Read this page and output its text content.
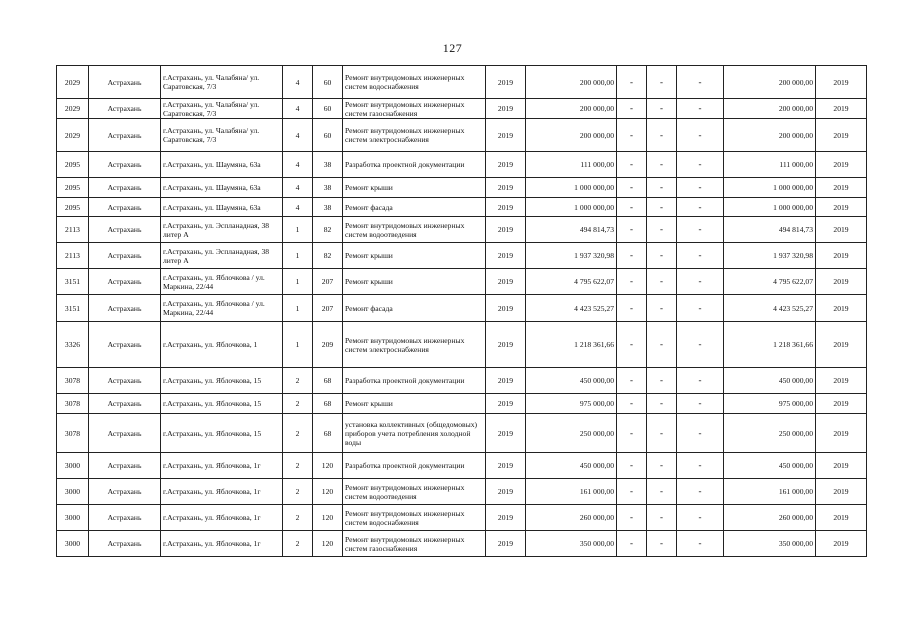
127
2029	Астрахань	г.Астрахань, ул. Чалабяна/ ул. Саратовская, 7/3	4	60	Ремонт внутридомовых инженерных систем водоснабжения	2019	200 000,00	-	-	-	200 000,00	2019
2029	Астрахань	г.Астрахань, ул. Чалабяна/ ул. Саратовская, 7/3	4	60	Ремонт внутридомовых инженерных систем газоснабжения	2019	200 000,00	-	-	-	200 000,00	2019
2029	Астрахань	г.Астрахань, ул. Чалабяна/ ул. Саратовская, 7/3	4	60	Ремонт внутридомовых инженерных систем электроснабжения	2019	200 000,00	-	-	-	200 000,00	2019
2095	Астрахань	г.Астрахань, ул. Шаумяна, 63а	4	38	Разработка проектной документации	2019	111 000,00	-	-	-	111 000,00	2019
2095	Астрахань	г.Астрахань, ул. Шаумяна, 63а	4	38	Ремонт крыши	2019	1 000 000,00	-	-	-	1 000 000,00	2019
2095	Астрахань	г.Астрахань, ул. Шаумяна, 63а	4	38	Ремонт фасада	2019	1 000 000,00	-	-	-	1 000 000,00	2019
2113	Астрахань	г.Астрахань, ул. Эспланадная, 38 литер А	1	82	Ремонт внутридомовых инженерных систем водоотведения	2019	494 814,73	-	-	-	494 814,73	2019
2113	Астрахань	г.Астрахань, ул. Эспланадная, 38 литер А	1	82	Ремонт крыши	2019	1 937 320,98	-	-	-	1 937 320,98	2019
3151	Астрахань	г.Астрахань, ул. Яблочкова / ул. Маркина, 22/44	1	207	Ремонт крыши	2019	4 795 622,07	-	-	-	4 795 622,07	2019
3151	Астрахань	г.Астрахань, ул. Яблочкова / ул. Маркина, 22/44	1	207	Ремонт фасада	2019	4 423 525,27	-	-	-	4 423 525,27	2019
3326	Астрахань	г.Астрахань, ул. Яблочкова, 1	1	209	Ремонт внутридомовых инженерных систем электроснабжения	2019	1 218 361,66	-	-	-	1 218 361,66	2019
3078	Астрахань	г.Астрахань, ул. Яблочкова, 15	2	68	Разработка проектной документации	2019	450 000,00	-	-	-	450 000,00	2019
3078	Астрахань	г.Астрахань, ул. Яблочкова, 15	2	68	Ремонт крыши	2019	975 000,00	-	-	-	975 000,00	2019
3078	Астрахань	г.Астрахань, ул. Яблочкова, 15	2	68	установка коллективных (общедомовых) приборов учета потребления холодной воды	2019	250 000,00	-	-	-	250 000,00	2019
3000	Астрахань	г.Астрахань, ул. Яблочкова, 1г	2	120	Разработка проектной документации	2019	450 000,00	-	-	-	450 000,00	2019
3000	Астрахань	г.Астрахань, ул. Яблочкова, 1г	2	120	Ремонт внутридомовых инженерных систем водоотведения	2019	161 000,00	-	-	-	161 000,00	2019
3000	Астрахань	г.Астрахань, ул. Яблочкова, 1г	2	120	Ремонт внутридомовых инженерных систем водоснабжения	2019	260 000,00	-	-	-	260 000,00	2019
3000	Астрахань	г.Астрахань, ул. Яблочкова, 1г	2	120	Ремонт внутридомовых инженерных систем газоснабжения	2019	350 000,00	-	-	-	350 000,00	2019
